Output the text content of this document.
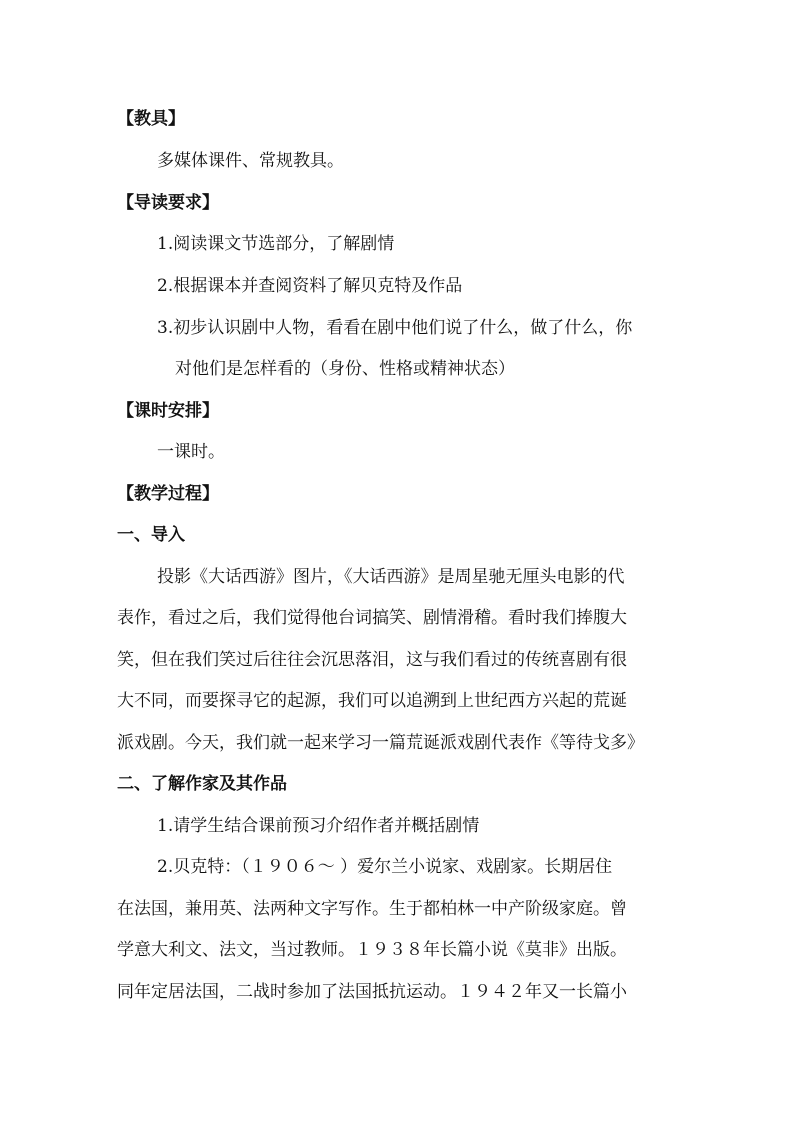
【教具】
多媒体课件、常规教具。
【导读要求】
1.阅读课文节选部分，了解剧情
2.根据课本并查阅资料了解贝克特及作品
3.初步认识剧中人物，看看在剧中他们说了什么，做了什么，你
对他们是怎样看的（身份、性格或精神状态）
【课时安排】
一课时。
【教学过程】
一、导入
投影《大话西游》图片，《大话西游》是周星驰无厘头电影的代
表作，看过之后，我们觉得他台词搞笑、剧情滑稽。看时我们捧腹大
笑，但在我们笑过后往往会沉思落泪，这与我们看过的传统喜剧有很
大不同，而要探寻它的起源，我们可以追溯到上世纪西方兴起的荒诞
派戏剧。今天，我们就一起来学习一篇荒诞派戏剧代表作《等待戈多》
二、了解作家及其作品
1.请学生结合课前预习介绍作者并概括剧情
2.贝克特：（１９０６～ ）爱尔兰小说家、戏剧家。长期居住
在法国，兼用英、法两种文字写作。生于都柏林一中产阶级家庭。曾
学意大利文、法文，当过教师。１９３８年长篇小说《莫非》出版。
同年定居法国，二战时参加了法国抵抗运动。１９４２年又一长篇小
